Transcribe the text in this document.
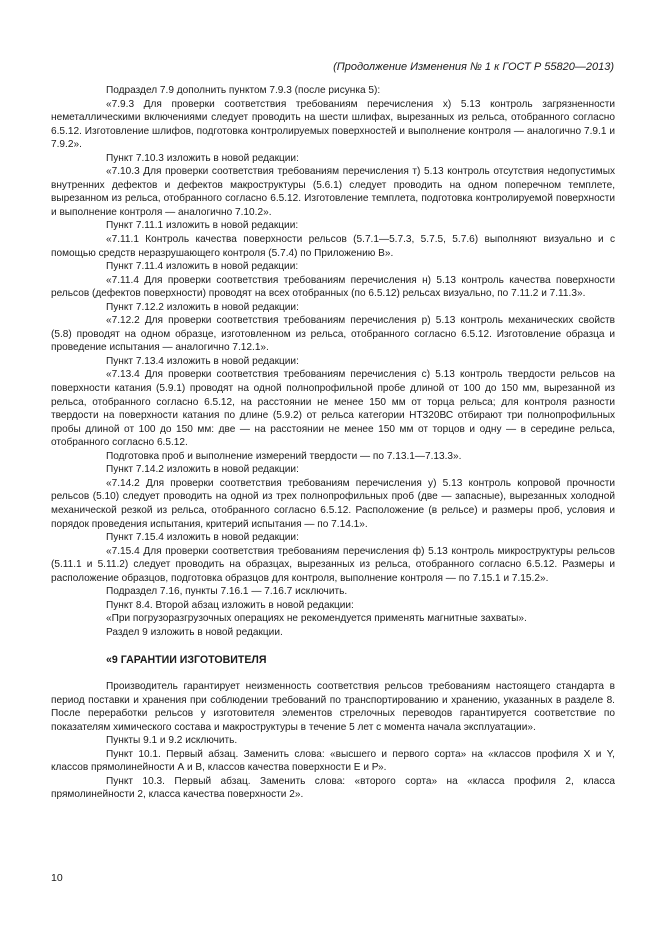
(Продолжение Изменения № 1 к ГОСТ Р 55820—2013)

Подраздел 7.9 дополнить пунктом 7.9.3 (после рисунка 5):

«7.9.3 Для проверки соответствия требованиям перечисления х) 5.13 контроль загрязненности неметаллическими включениями следует проводить на шести шлифах, вырезанных из рельса, отобранного согласно 6.5.12. Изготовление шлифов, подготовка контролируемых поверхностей и выполнение контроля — аналогично 7.9.1 и 7.9.2».

Пункт 7.10.3 изложить в новой редакции:

«7.10.3 Для проверки соответствия требованиям перечисления т) 5.13 контроль отсутствия недопустимых внутренних дефектов и дефектов макроструктуры (5.6.1) следует проводить на одном поперечном темплете, вырезанном из рельса, отобранного согласно 6.5.12. Изготовление темплета, подготовка контролируемой поверхности и выполнение контроля — аналогично 7.10.2».

Пункт 7.11.1 изложить в новой редакции:

«7.11.1 Контроль качества поверхности рельсов (5.7.1—5.7.3, 5.7.5, 5.7.6) выполняют визуально и с помощью средств неразрушающего контроля (5.7.4) по Приложению В».

Пункт 7.11.4 изложить в новой редакции:

«7.11.4 Для проверки соответствия требованиям перечисления н) 5.13 контроль качества поверхности рельсов (дефектов поверхности) проводят на всех отобранных (по 6.5.12) рельсах визуально, по 7.11.2 и 7.11.3».

Пункт 7.12.2 изложить в новой редакции:

«7.12.2 Для проверки соответствия требованиям перечисления р) 5.13 контроль механических свойств (5.8) проводят на одном образце, изготовленном из рельса, отобранного согласно 6.5.12. Изготовление образца и проведение испытания — аналогично 7.12.1».

Пункт 7.13.4 изложить в новой редакции:

«7.13.4 Для проверки соответствия требованиям перечисления с) 5.13 контроль твердости рельсов на поверхности катания (5.9.1) проводят на одной полнопрофильной пробе длиной от 100 до 150 мм, вырезанной из рельса, отобранного согласно 6.5.12, на расстоянии не менее 150 мм от торца рельса; для контроля разности твердости на поверхности катания по длине (5.9.2) от рельса категории НТ320ВС отбирают три полнопрофильных пробы длиной от 100 до 150 мм: две — на расстоянии не менее 150 мм от торцов и одну — в середине рельса, отобранного согласно 6.5.12.

Подготовка проб и выполнение измерений твердости — по 7.13.1—7.13.3».

Пункт 7.14.2 изложить в новой редакции:

«7.14.2 Для проверки соответствия требованиям перечисления у) 5.13 контроль копровой прочности рельсов (5.10) следует проводить на одной из трех полнопрофильных проб (две — запасные), вырезанных холодной механической резкой из рельса, отобранного согласно 6.5.12. Расположение (в рельсе) и размеры проб, условия и порядок проведения испытания, критерий испытания — по 7.14.1».

Пункт 7.15.4 изложить в новой редакции:

«7.15.4 Для проверки соответствия требованиям перечисления ф) 5.13 контроль микроструктуры рельсов (5.11.1 и 5.11.2) следует проводить на образцах, вырезанных из рельса, отобранного согласно 6.5.12. Размеры и расположение образцов, подготовка образцов для контроля, выполнение контроля — по 7.15.1 и 7.15.2».

Подраздел 7.16, пункты 7.16.1 — 7.16.7 исключить.

Пункт 8.4. Второй абзац изложить в новой редакции:

«При погрузоразгрузочных операциях не рекомендуется применять магнитные захваты».

Раздел 9 изложить в новой редакции.

«9 ГАРАНТИИ ИЗГОТОВИТЕЛЯ

Производитель гарантирует неизменность соответствия рельсов требованиям настоящего стандарта в период поставки и хранения при соблюдении требований по транспортированию и хранению, указанных в разделе 8. После переработки рельсов у изготовителя элементов стрелочных переводов гарантируется соответствие по показателям химического состава и макроструктуры в течение 5 лет с момента начала эксплуатации».

Пункты 9.1 и 9.2 исключить.

Пункт 10.1. Первый абзац. Заменить слова: «высшего и первого сорта» на «классов профиля Х и Y, классов прямолинейности А и В, классов качества поверхности Е и Р».

Пункт 10.3. Первый абзац. Заменить слова: «второго сорта» на «класса профиля 2, класса прямолинейности 2, класса качества поверхности 2».

10
